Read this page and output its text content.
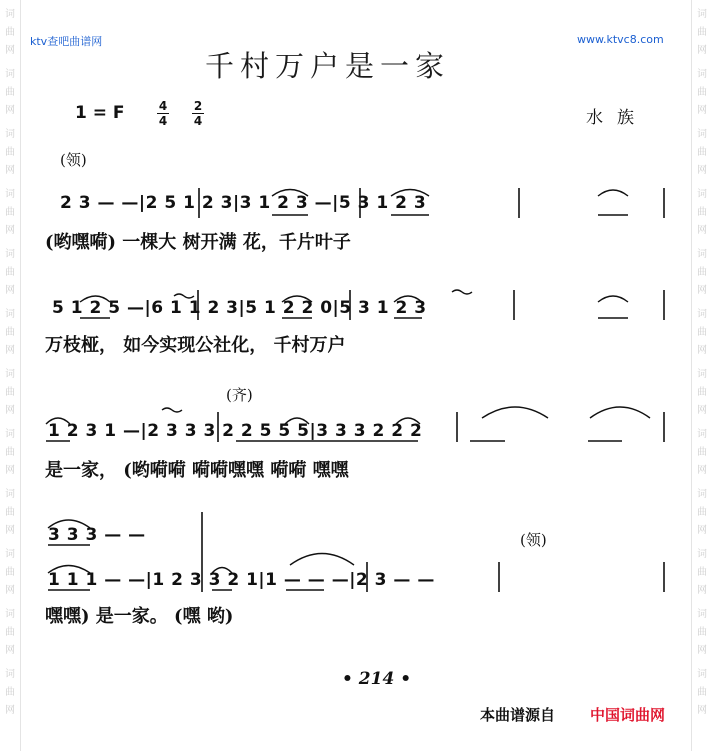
词曲网
词曲网
词曲网
词曲网
词曲网
词曲网
词曲网
词曲网
词曲网
词曲网
词曲网
词曲网
词曲网
词曲网
词曲网
词曲网
词曲网
词曲网
词曲网
词曲网
词曲网
词曲网
词曲网
词曲网
ktv查吧曲谱网	www.ktvc8.com
千村万户是一家
1 = F	4
4
2
4	水族
(领)
(齐)
(领)
2 3 — —|2 5 1 2 3|3 1 2 3 —|5 3 1 2 3
(哟嘿嗬) 一棵大 树开满 花，千片叶子
5 1 2 5 —|6 1 1 2 3|5 1 2 2 0|5 3 1 2 3
万枝桠， 如今实现公社化， 千村万户
1 2 3 1 —|2 3 3 3 2 2 5 5 5|3 3 3 2 2 2
是一家， (哟嗬嗬 嗬嗬嘿嘿 嗬嗬 嘿嘿
3 3 3 — —
1 1 1 — —|1 2 3 3 2 1|1 — — —|2 3 — —
嘿嘿) 是一家。 (嘿 哟)
• 214 •
本曲谱源自 中国词曲网
